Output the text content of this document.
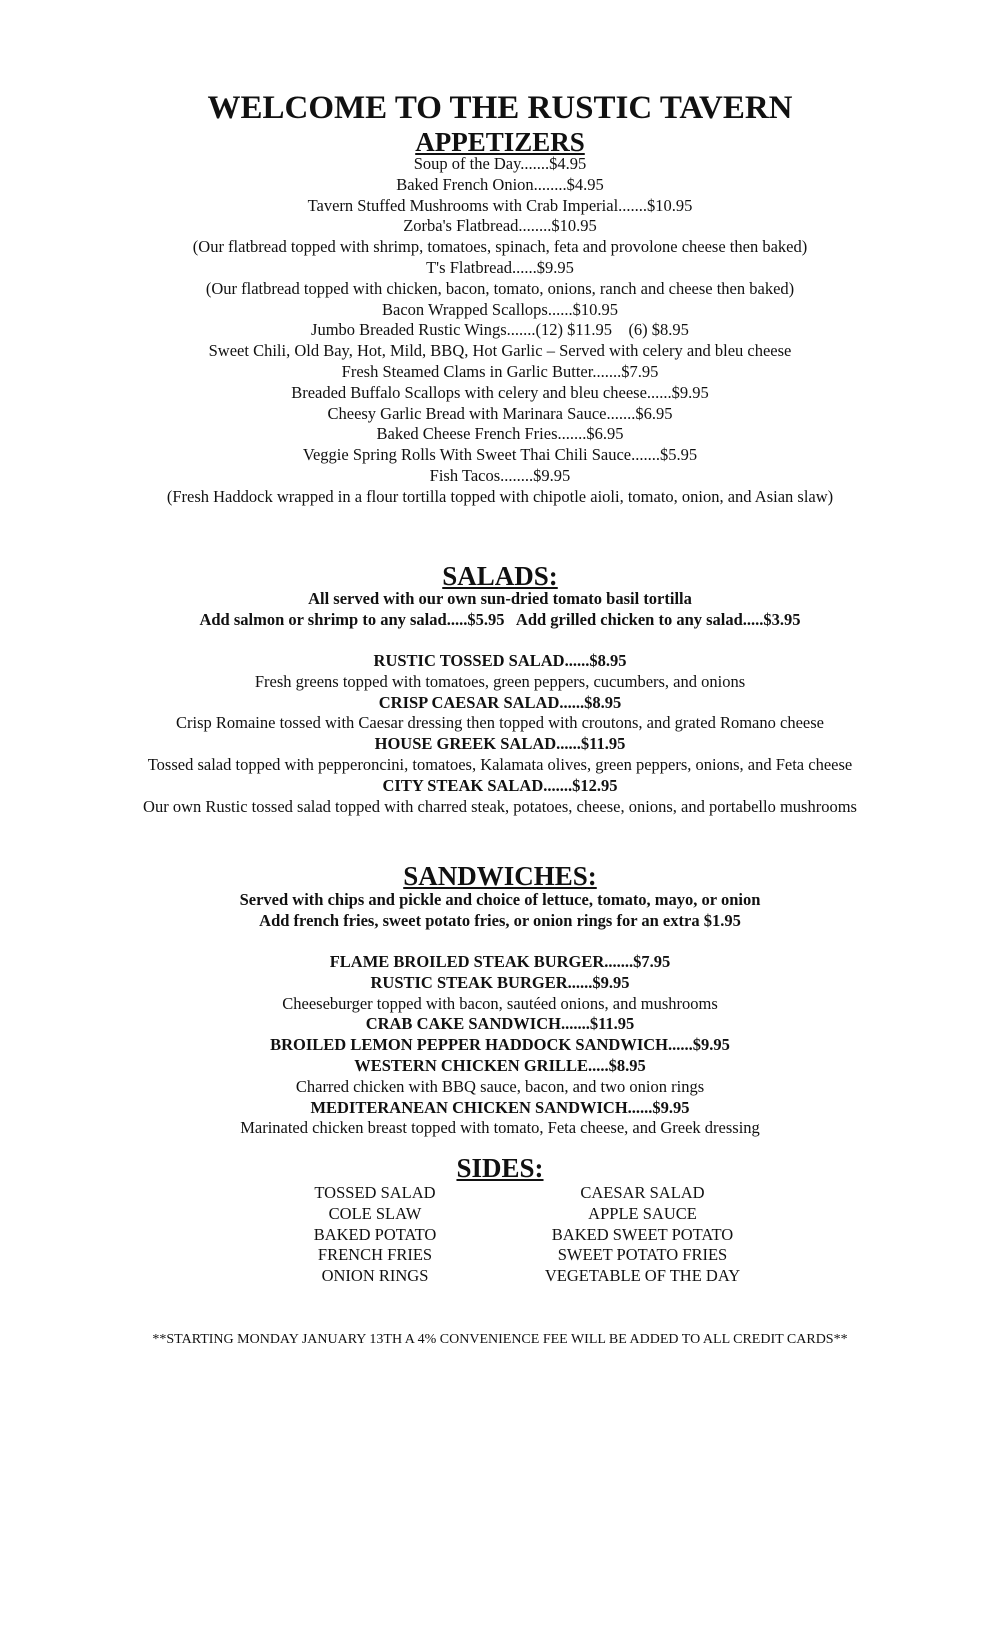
WELCOME TO THE RUSTIC TAVERN
APPETIZERS
Soup of the Day.......$4.95
Baked French Onion........$4.95
Tavern Stuffed Mushrooms with Crab Imperial.......$10.95
Zorba's Flatbread........$10.95
(Our flatbread topped with shrimp, tomatoes, spinach, feta and provolone cheese then baked)
T's Flatbread......$9.95
(Our flatbread topped with chicken, bacon, tomato, onions, ranch and cheese then baked)
Bacon Wrapped Scallops......$10.95
Jumbo Breaded Rustic Wings.......(12) $11.95    (6) $8.95
Sweet Chili, Old Bay, Hot, Mild, BBQ, Hot Garlic – Served with celery and bleu cheese
Fresh Steamed Clams in Garlic Butter.......$7.95
Breaded Buffalo Scallops with celery and bleu cheese......$9.95
Cheesy Garlic Bread with Marinara Sauce.......$6.95
Baked Cheese French Fries.......$6.95
Veggie Spring Rolls With Sweet Thai Chili Sauce.......$5.95
Fish Tacos........$9.95
(Fresh Haddock wrapped in a flour tortilla topped with chipotle aioli, tomato, onion, and Asian slaw)
SALADS:
All served with our own sun-dried tomato basil tortilla
Add salmon or shrimp to any salad.....$5.95   Add grilled chicken to any salad.....$3.95
RUSTIC TOSSED SALAD......$8.95
Fresh greens topped with tomatoes, green peppers, cucumbers, and onions
CRISP CAESAR SALAD......$8.95
Crisp Romaine tossed with Caesar dressing then topped with croutons, and grated Romano cheese
HOUSE GREEK SALAD......$11.95
Tossed salad topped with pepperoncini, tomatoes, Kalamata olives, green peppers, onions, and Feta cheese
CITY STEAK SALAD.......$12.95
Our own Rustic tossed salad topped with charred steak, potatoes, cheese, onions, and portabello mushrooms
SANDWICHES:
Served with chips and pickle and choice of lettuce, tomato, mayo, or onion
Add french fries, sweet potato fries, or onion rings for an extra $1.95
FLAME BROILED STEAK BURGER.......$7.95
RUSTIC STEAK BURGER......$9.95
Cheeseburger topped with bacon, sautéed onions, and mushrooms
CRAB CAKE SANDWICH.......$11.95
BROILED LEMON PEPPER HADDOCK SANDWICH......$9.95
WESTERN CHICKEN GRILLE.....$8.95
Charred chicken with BBQ sauce, bacon, and two onion rings
MEDITERANEAN CHICKEN SANDWICH......$9.95
Marinated chicken breast topped with tomato, Feta cheese, and Greek dressing
SIDES:
TOSSED SALAD
COLE SLAW
BAKED POTATO
FRENCH FRIES
ONION RINGS
CAESAR SALAD
APPLE SAUCE
BAKED SWEET POTATO
SWEET POTATO FRIES
VEGETABLE OF THE DAY
**STARTING MONDAY JANUARY 13TH A 4% CONVENIENCE FEE WILL BE ADDED TO ALL CREDIT CARDS**
